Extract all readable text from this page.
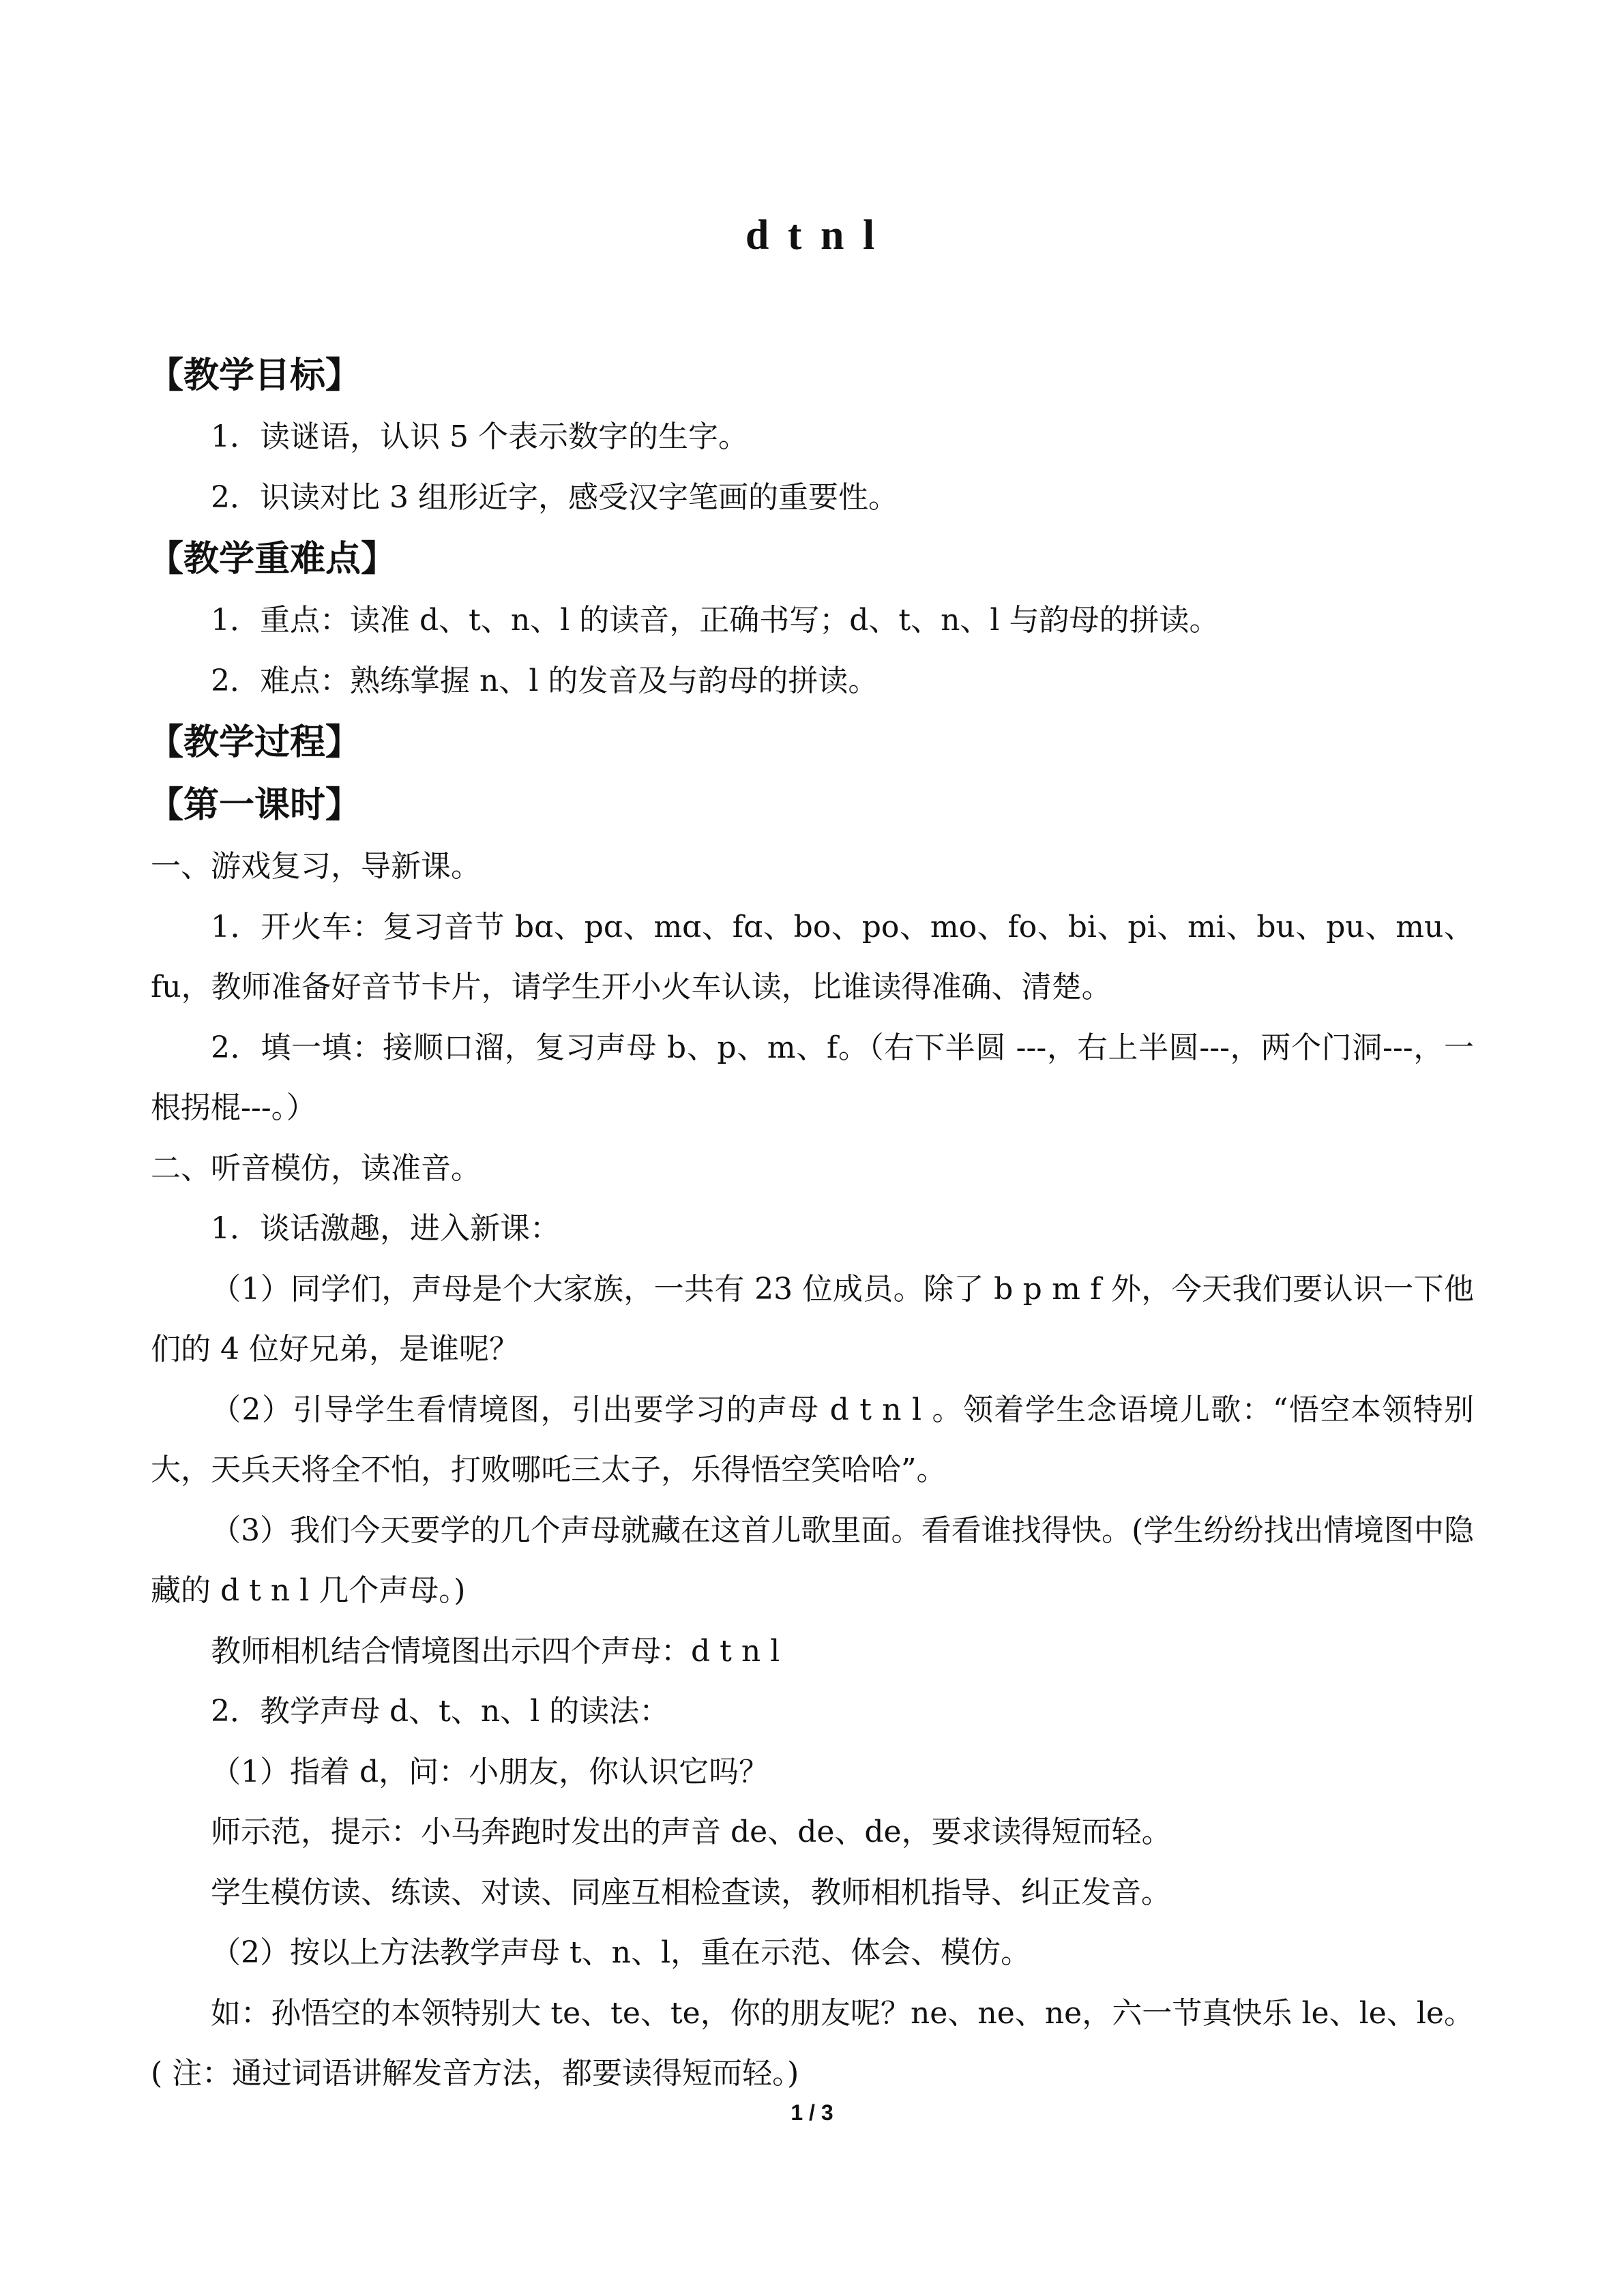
d t n l
【教学目标】
1．读谜语，认识 5 个表示数字的生字。
2．识读对比 3 组形近字，感受汉字笔画的重要性。
【教学重难点】
1．重点：读准 d、t、n、l 的读音，正确书写；d、t、n、l 与韵母的拼读。
2．难点：熟练掌握 n、l 的发音及与韵母的拼读。
【教学过程】
【第一课时】
一、游戏复习，导新课。
1．开火车：复习音节 bɑ、pɑ、mɑ、fɑ、bo、po、mo、fo、bi、pi、mi、bu、pu、mu、fu，教师准备好音节卡片，请学生开小火车认读，比谁读得准确、清楚。
2．填一填：接顺口溜，复习声母 b、p、m、f。（右下半圆 ---，右上半圆---，两个门洞---，一根拐棍---。）
二、听音模仿，读准音。
1．谈话激趣，进入新课：
（1）同学们，声母是个大家族，一共有 23 位成员。除了 b p m f 外，今天我们要认识一下他们的 4 位好兄弟，是谁呢？
（2）引导学生看情境图，引出要学习的声母 d t n l 。领着学生念语境儿歌：“悟空本领特别大，天兵天将全不怕，打败哪吒三太子，乐得悟空笑哈哈”。
（3）我们今天要学的几个声母就藏在这首儿歌里面。看看谁找得快。(学生纷纷找出情境图中隐藏的 d t n l 几个声母。)
教师相机结合情境图出示四个声母：d t n l
2．教学声母 d、t、n、l 的读法：
（1）指着 d，问：小朋友，你认识它吗？
师示范，提示：小马奔跑时发出的声音 de、de、de，要求读得短而轻。
学生模仿读、练读、对读、同座互相检查读，教师相机指导、纠正发音。
（2）按以上方法教学声母 t、n、l，重在示范、体会、模仿。
如：孙悟空的本领特别大 te、te、te，你的朋友呢？ne、ne、ne，六一节真快乐 le、le、le。( 注：通过词语讲解发音方法，都要读得短而轻。)
1 / 3
